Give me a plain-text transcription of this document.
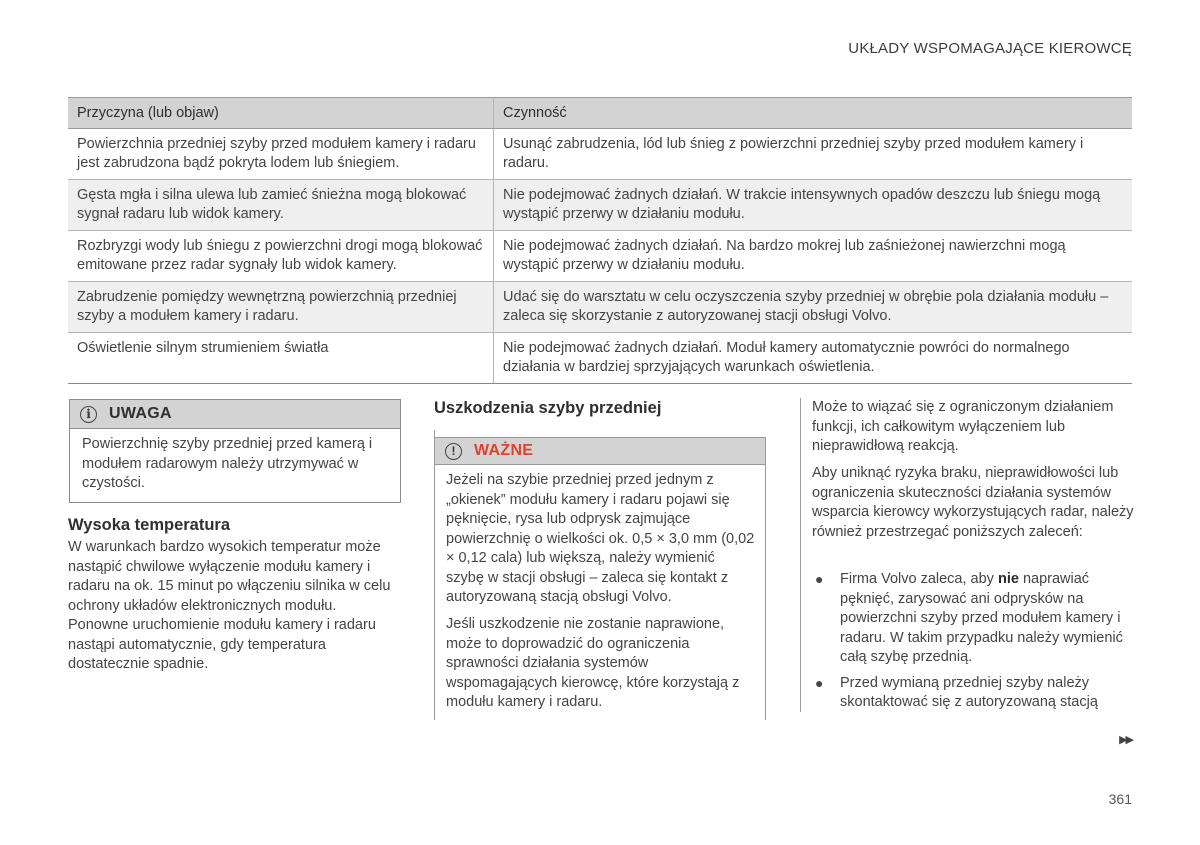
UKŁADY WSPOMAGAJĄCE KIEROWCĘ
Przyczyna (lub objaw)	Czynność
Powierzchnia przedniej szyby przed modułem kamery i radaru jest zabrudzona bądź pokryta lodem lub śniegiem.	Usunąć zabrudzenia, lód lub śnieg z powierzchni przedniej szyby przed modułem kamery i radaru.
Gęsta mgła i silna ulewa lub zamieć śnieżna mogą blokować sygnał radaru lub widok kamery.	Nie podejmować żadnych działań. W trakcie intensywnych opadów deszczu lub śniegu mogą wystąpić przerwy w działaniu modułu.
Rozbryzgi wody lub śniegu z powierzchni drogi mogą blokować emitowane przez radar sygnały lub widok kamery.	Nie podejmować żadnych działań. Na bardzo mokrej lub zaśnieżonej nawierzchni mogą wystąpić przerwy w działaniu modułu.
Zabrudzenie pomiędzy wewnętrzną powierzchnią przedniej szyby a modułem kamery i radaru.	Udać się do warsztatu w celu oczyszczenia szyby przedniej w obrębie pola działania modułu – zaleca się skorzystanie z autoryzowanej stacji obsługi Volvo.
Oświetlenie silnym strumieniem światła	Nie podejmować żadnych działań. Moduł kamery automatycznie powróci do normalnego działania w bardziej sprzyjających warunkach oświetlenia.
i	UWAGA
Powierzchnię szyby przedniej przed kamerą i modułem radarowym należy utrzymywać w czystości.
Wysoka temperatura
W warunkach bardzo wysokich temperatur może nastąpić chwilowe wyłączenie modułu kamery i radaru na ok. 15 minut po włączeniu silnika w celu ochrony układów elektronicznych modułu. Ponowne uruchomienie modułu kamery i radaru nastąpi automatycznie, gdy temperatura dostatecznie spadnie.
Uszkodzenia szyby przedniej
!	WAŻNE
Jeżeli na szybie przedniej przed jednym z „okienek” modułu kamery i radaru pojawi się pęknięcie, rysa lub odprysk zajmujące powierzchnię o wielkości ok. 0,5 × 3,0 mm (0,02 × 0,12 cala) lub większą, należy wymienić szybę w stacji obsługi – zaleca się kontakt z autoryzowaną stacją obsługi Volvo.
Jeśli uszkodzenie nie zostanie naprawione, może to doprowadzić do ograniczenia sprawności działania systemów wspomagających kierowcę, które korzystają z modułu kamery i radaru.
Może to wiązać się z ograniczonym działaniem funkcji, ich całkowitym wyłączeniem lub nieprawidłową reakcją.
Aby uniknąć ryzyka braku, nieprawidłowości lub ograniczenia skuteczności działania systemów wsparcia kierowcy wykorzystujących radar, należy również przestrzegać poniższych zaleceń:
● Firma Volvo zaleca, aby nie naprawiać pęknięć, zarysować ani odprysków na powierzchni szyby przed modułem kamery i radaru. W takim przypadku należy wymienić całą szybę przednią.
● Przed wymianą przedniej szyby należy skontaktować się z autoryzowaną stacją
▶▶
361
